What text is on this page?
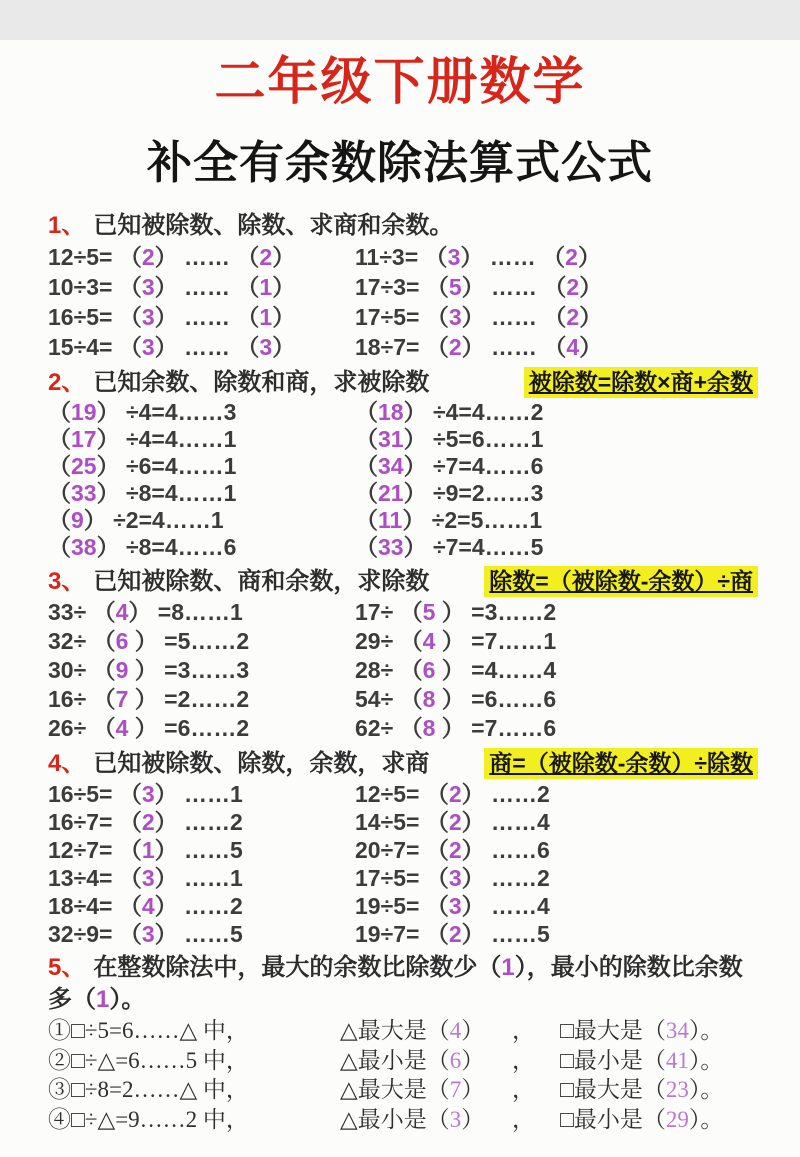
二年级下册数学
补全有余数除法算式公式
1、 已知被除数、除数、求商和余数。
12÷5= （2） …… （2）	11÷3= （3） …… （2）
10÷3= （3） …… （1）	17÷3= （5） …… （2）
16÷5= （3） …… （1）	17÷5= （3） …… （2）
15÷4= （3） …… （3）	18÷7= （2） …… （4）
2、 已知余数、除数和商，求被除数	被除数=除数×商+余数
（19） ÷4=4……3	（18） ÷4=4……2
（17） ÷4=4……1	（31） ÷5=6……1
（25） ÷6=4……1	（34） ÷7=4……6
（33） ÷8=4……1	（21） ÷9=2……3
（9） ÷2=4……1	（11） ÷2=5……1
（38） ÷8=4……6	（33） ÷7=4……5
3、 已知被除数、商和余数，求除数	除数=（被除数-余数）÷商
33÷ （4） =8……1	17÷ （5 ） =3……2
32÷ （6 ） =5……2	29÷ （4 ） =7……1
30÷ （9 ） =3……3	28÷ （6 ） =4……4
16÷ （7 ） =2……2	54÷ （8 ） =6……6
26÷ （4 ） =6……2	62÷ （8 ） =7……6
4、 已知被除数、除数，余数，求商	商=（被除数-余数）÷除数
16÷5= （3） ……1	12÷5= （2） ……2
16÷7= （2） ……2	14÷5= （2） ……4
12÷7= （1） ……5	20÷7= （2） ……6
13÷4= （3） ……1	17÷5= （3） ……2
18÷4= （4） ……2	19÷5= （3） ……4
32÷9= （3） ……5	19÷7= （2） ……5
5、 在整数除法中，最大的余数比除数少（1），最小的除数比余数
多（1）。
①□÷5=6……△ 中，	△最大是（4）	，	□最大是（34）。
②□÷△=6……5 中，	△最小是（6）	，	□最小是（41）。
③□÷8=2……△ 中，	△最大是（7）	，	□最大是（23）。
④□÷△=9……2 中，	△最小是（3）	，	□最小是（29）。
